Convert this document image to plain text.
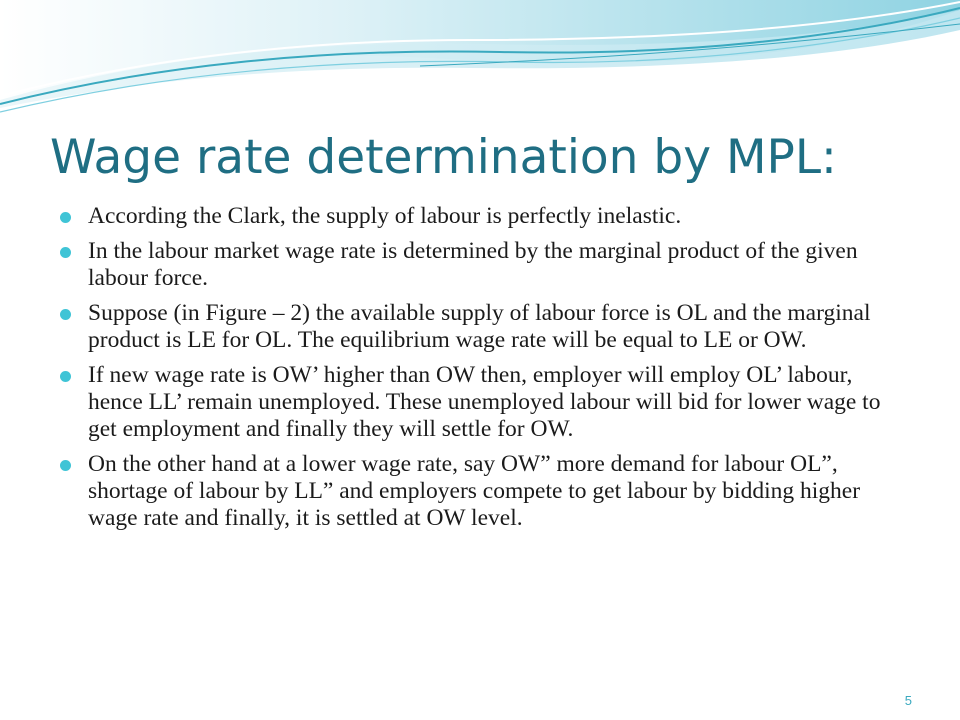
Wage rate determination by MPL:
According the Clark, the supply of labour is perfectly inelastic.
In the labour market wage rate is determined by the marginal product of the given labour force.
Suppose (in Figure – 2) the available supply of labour force is OL and the marginal product is LE for OL. The equilibrium wage rate will be equal to LE or OW.
If new wage rate is OW’ higher than OW then, employer will employ OL’ labour, hence LL’ remain unemployed. These unemployed labour will bid for lower wage to get employment and finally they will settle for OW.
On the other hand at a lower wage rate, say OW” more demand for labour OL”, shortage of labour by LL” and employers compete to get labour by bidding higher wage rate and finally, it is settled at OW level.
5
